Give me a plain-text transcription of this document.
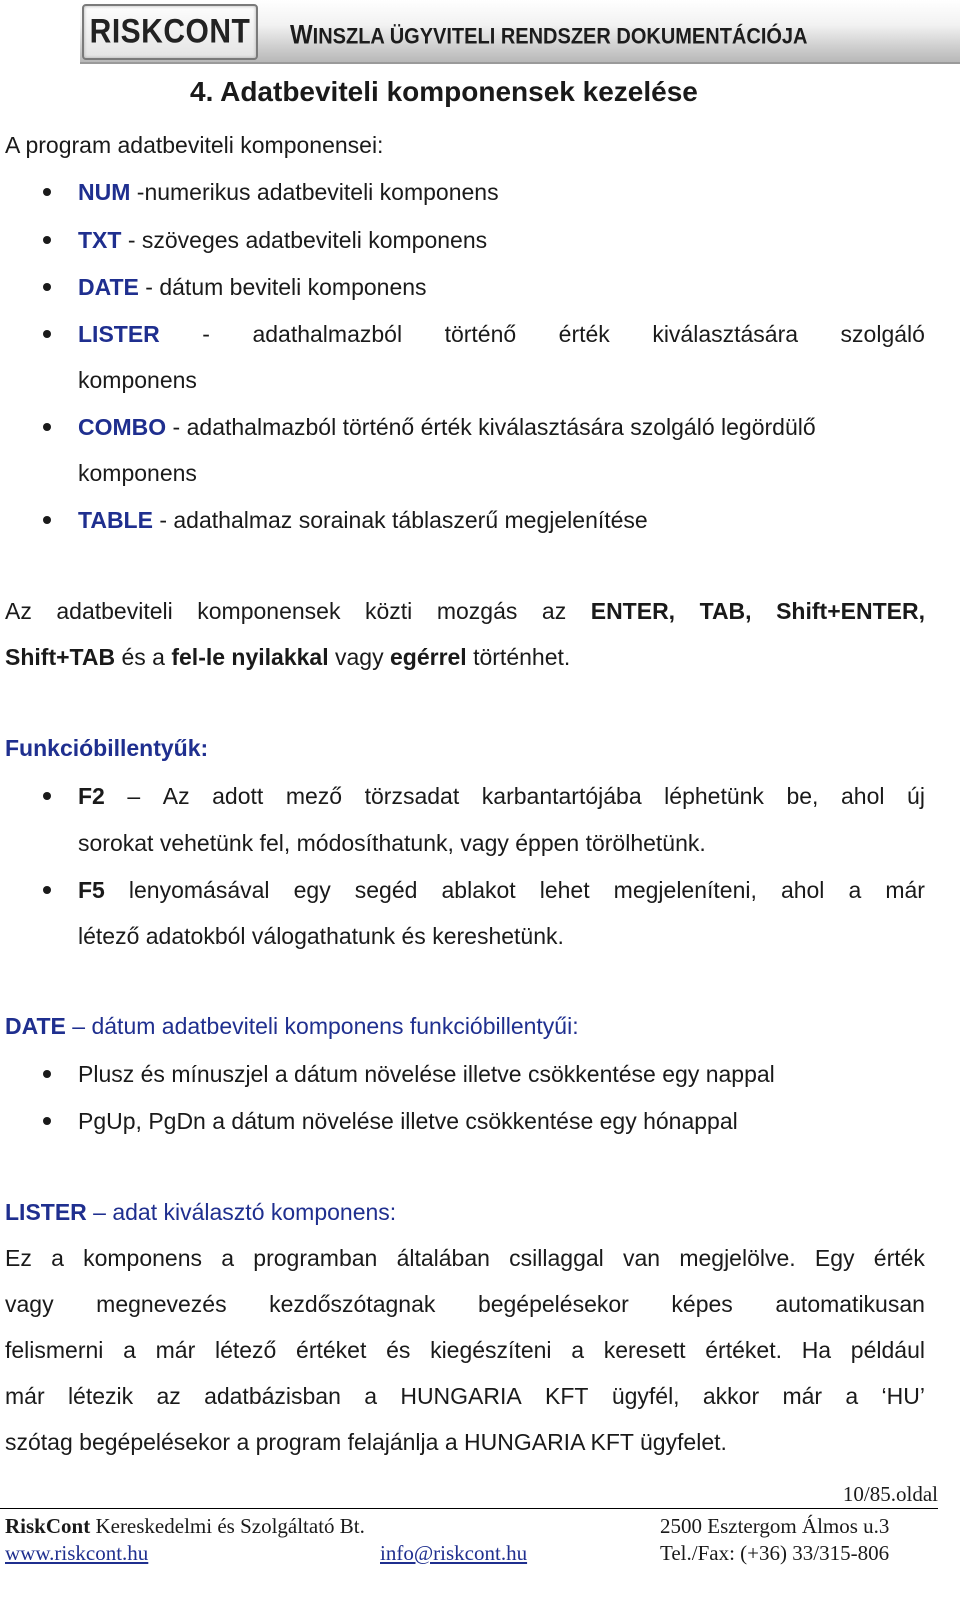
RISKCONT WINSZLA ÜGYVITELI RENDSZER DOKUMENTÁCIÓJA
4. Adatbeviteli komponensek kezelése
A program adatbeviteli komponensei:
NUM -numerikus adatbeviteli komponens
TXT - szöveges adatbeviteli komponens
DATE - dátum beviteli komponens
LISTER - adathalmazból történő érték kiválasztására szolgáló
komponens
COMBO - adathalmazból történő érték kiválasztására szolgáló legördülő
komponens
TABLE - adathalmaz sorainak táblaszerű megjelenítése
Az adatbeviteli komponensek közti mozgás az ENTER, TAB, Shift+ENTER,
Shift+TAB és a fel-le nyilakkal vagy egérrel történhet.
Funkcióbillentyűk:
F2 – Az adott mező törzsadat karbantartójába léphetünk be, ahol új
sorokat vehetünk fel, módosíthatunk, vagy éppen törölhetünk.
F5 lenyomásával egy segéd ablakot lehet megjeleníteni, ahol a már
létező adatokból válogathatunk és kereshetünk.
DATE – dátum adatbeviteli komponens funkcióbillentyűi:
Plusz és mínuszjel a dátum növelése illetve csökkentése egy nappal
PgUp, PgDn a dátum növelése illetve csökkentése egy hónappal
LISTER – adat kiválasztó komponens:
Ez a komponens a programban általában csillaggal van megjelölve. Egy érték
vagy megnevezés kezdőszótagnak begépelésekor képes automatikusan
felismerni a már létező értéket és kiegészíteni a keresett értéket. Ha például
már létezik az adatbázisban a HUNGARIA KFT ügyfél, akkor már a ‘HU’
szótag begépelésekor a program felajánlja a HUNGARIA KFT ügyfelet.
10/85.oldal
RiskCont Kereskedelmi és Szolgáltató Bt.	2500 Esztergom Álmos u.3
www.riskcont.hu	info@riskcont.hu	Tel./Fax: (+36) 33/315-806
